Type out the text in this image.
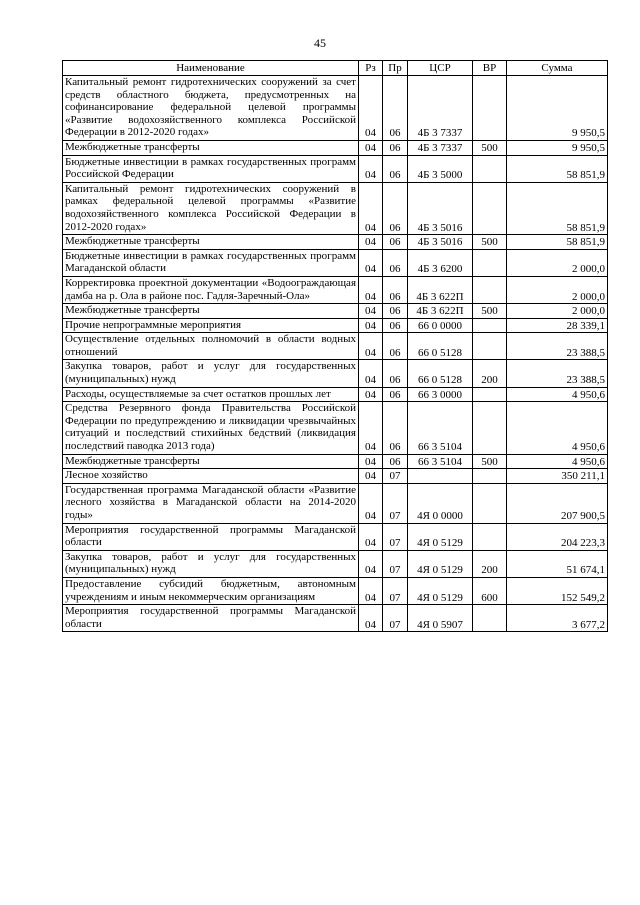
45
Наименование	Рз	Пр	ЦСР	ВР	Сумма
Капитальный ремонт гидротехнических сооружений за счет средств областного бюджета, предусмотренных на софинансирование федеральной целевой программы «Развитие водохозяйственного комплекса Российской Федерации в 2012-2020 годах»	04	06	4Б 3 7337		9 950,5
Межбюджетные трансферты	04	06	4Б 3 7337	500	9 950,5
Бюджетные инвестиции в рамках государственных программ Российской Федерации	04	06	4Б 3 5000		58 851,9
Капитальный ремонт гидротехнических сооружений в рамках федеральной целевой программы «Развитие водохозяйственного комплекса Российской Федерации в 2012-2020 годах»	04	06	4Б 3 5016		58 851,9
Межбюджетные трансферты	04	06	4Б 3 5016	500	58 851,9
Бюджетные инвестиции в рамках государственных программ Магаданской области	04	06	4Б 3 6200		2 000,0
Корректировка проектной документации «Водоограждающая дамба на р. Ола в районе пос. Гадля-Заречный-Ола»	04	06	4Б 3 622П		2 000,0
Межбюджетные трансферты	04	06	4Б 3 622П	500	2 000,0
Прочие непрограммные мероприятия	04	06	66 0 0000		28 339,1
Осуществление отдельных полномочий в области водных отношений	04	06	66 0 5128		23 388,5
Закупка товаров, работ и услуг для государственных (муниципальных) нужд	04	06	66 0 5128	200	23 388,5
Расходы, осуществляемые за счет остатков прошлых лет	04	06	66 3 0000		4 950,6
Средства Резервного фонда Правительства Российской Федерации по предупреждению и ликвидации чрезвычайных ситуаций и последствий стихийных бедствий (ликвидация последствий паводка 2013 года)	04	06	66 3 5104		4 950,6
Межбюджетные трансферты	04	06	66 3 5104	500	4 950,6
Лесное хозяйство	04	07			350 211,1
Государственная программа Магаданской области «Развитие лесного хозяйства в Магаданской области на 2014-2020 годы»	04	07	4Я 0 0000		207 900,5
Мероприятия государственной программы Магаданской области	04	07	4Я 0 5129		204 223,3
Закупка товаров, работ и услуг для государственных (муниципальных) нужд	04	07	4Я 0 5129	200	51 674,1
Предоставление субсидий бюджетным, автономным учреждениям и иным некоммерческим организациям	04	07	4Я 0 5129	600	152 549,2
Мероприятия государственной программы Магаданской области	04	07	4Я 0 5907		3 677,2
